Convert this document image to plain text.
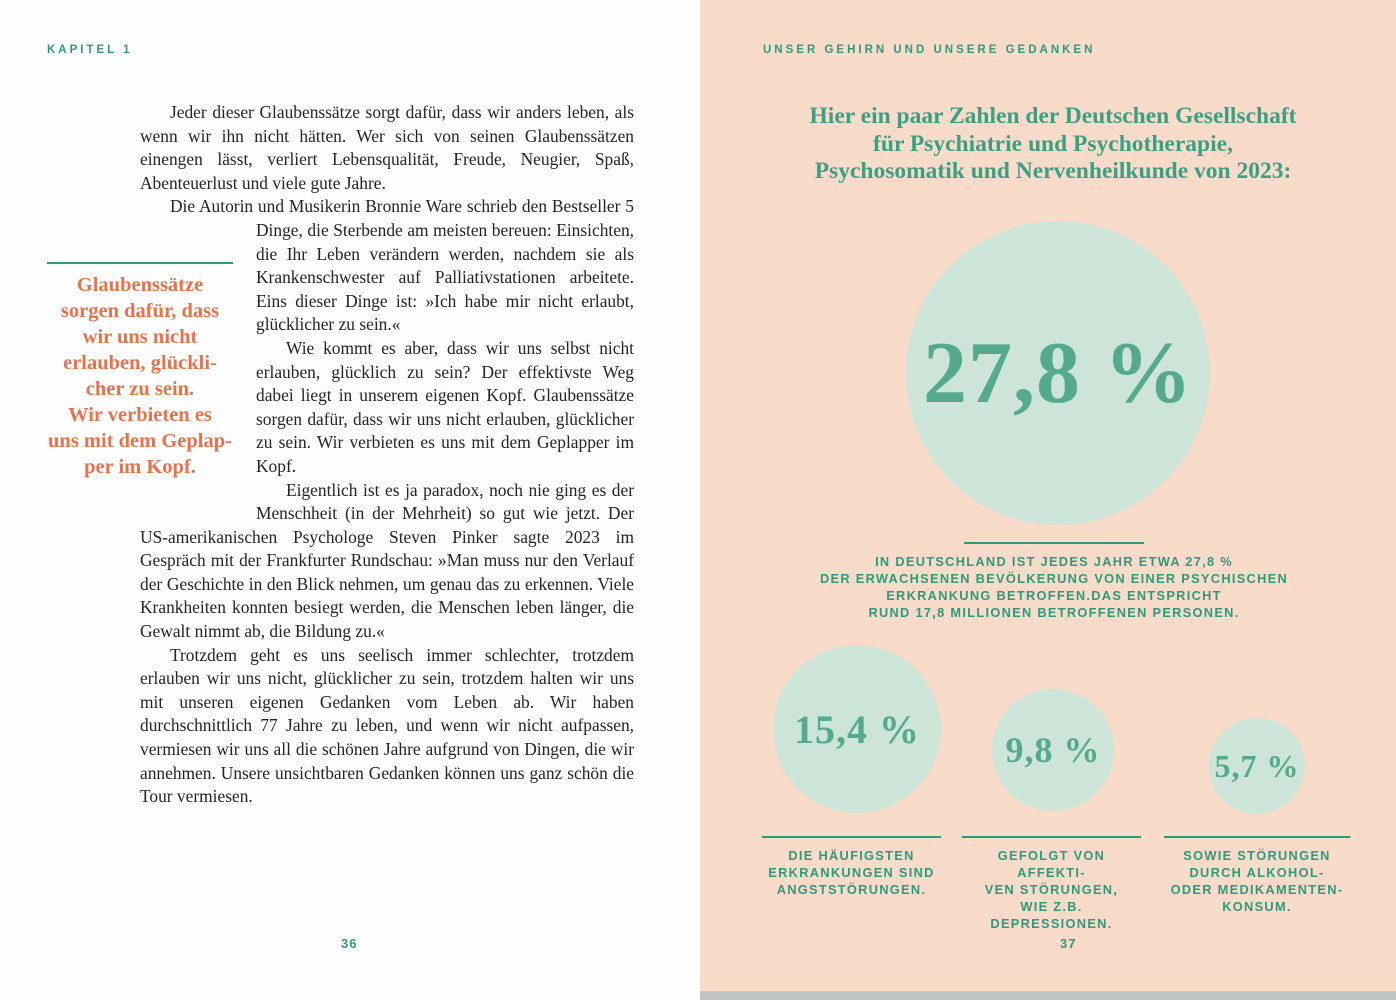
KAPITEL 1
Glaubenssätze
sorgen dafür, dass
wir uns nicht
erlauben, glückli-
cher zu sein.
Wir verbieten es
uns mit dem Geplap-
per im Kopf.

Jeder dieser Glaubenssätze sorgt dafür, dass wir anders leben, als wenn wir ihn nicht hätten. Wer sich von seinen Glaubenssätzen einengen lässt, verliert Lebensqualität, Freude, Neugier, Spaß, Abenteuerlust und viele gute Jahre.

Die Autorin und Musikerin Bronnie Ware schrieb den Bestseller 5
Dinge, die Sterbende am meisten bereuen: Einsichten, die Ihr Leben verändern werden, nachdem sie als Krankenschwester auf Palliativstationen arbeitete. Eins dieser Dinge ist: »Ich habe mir nicht erlaubt, glücklicher zu sein.«

Wie kommt es aber, dass wir uns selbst nicht erlauben, glücklich zu sein? Der effektivste Weg dabei liegt in unserem eigenen Kopf. Glaubenssätze sorgen dafür, dass wir uns nicht erlauben, glücklicher zu sein. Wir verbieten es uns mit dem Geplapper im Kopf.

Eigentlich ist es ja paradox, noch nie ging es der Menschheit (in der Mehrheit) so gut wie jetzt. Der US-amerikanischen Psychologe Steven Pinker sagte 2023 im Gespräch mit der Frankfurter Rundschau: »Man muss nur den Verlauf der Geschichte in den Blick nehmen, um genau das zu erkennen. Viele Krankheiten konnten besiegt werden, die Menschen leben länger, die Gewalt nimmt ab, die Bildung zu.«

Trotzdem geht es uns seelisch immer schlechter, trotzdem erlauben wir uns nicht, glücklicher zu sein, trotzdem halten wir uns mit unseren eigenen Gedanken vom Leben ab. Wir haben durchschnittlich 77 Jahre zu leben, und wenn wir nicht aufpassen, vermiesen wir uns all die schönen Jahre aufgrund von Dingen, die wir annehmen. Unsere unsichtbaren Gedanken können uns ganz schön die Tour vermiesen.

36
UNSER GEHIRN UND UNSERE GEDANKEN
Hier ein paar Zahlen der Deutschen Gesellschaft
für Psychiatrie und Psychotherapie,
Psychosomatik und Nervenheilkunde von 2023:
27,8 %
IN DEUTSCHLAND IST JEDES JAHR ETWA 27,8 %
DER ERWACHSENEN BEVÖLKERUNG VON EINER PSYCHISCHEN
ERKRANKUNG BETROFFEN.DAS ENTSPRICHT
RUND 17,8 MILLIONEN BETROFFENEN PERSONEN.
15,4 % 9,8 %	5,7 %
DIE HÄUFIGSTEN
ERKRANKUNGEN SIND
ANGSTSTÖRUNGEN.
GEFOLGT VON AFFEKTI-
VEN STÖRUNGEN,
WIE Z.B. DEPRESSIONEN.
SOWIE STÖRUNGEN
DURCH ALKOHOL-
ODER MEDIKAMENTEN-
KONSUM.
37
